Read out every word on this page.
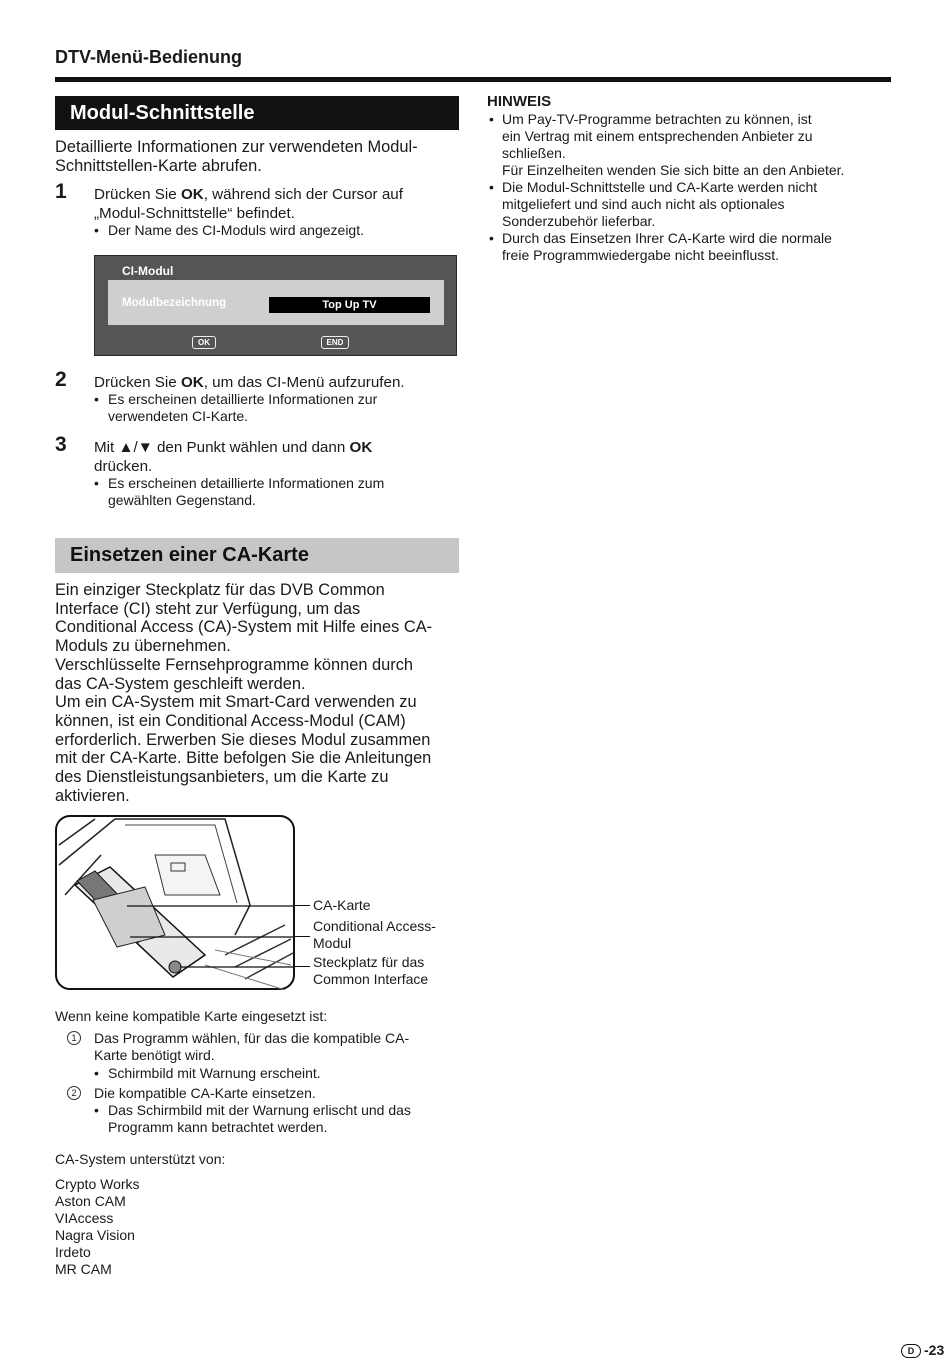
DTV-Menü-Bedienung
Modul-Schnittstelle
Detaillierte Informationen zur verwendeten Modul-
Schnittstellen-Karte abrufen.
1 Drücken Sie OK, während sich der Cursor auf
„Modul-Schnittstelle“ befindet.
• Der Name des CI-Moduls wird angezeigt.
CI-Modul
Modulbezeichnung	Top Up TV
OK	END
2 Drücken Sie OK, um das CI-Menü aufzurufen.
• Es erscheinen detaillierte Informationen zur
verwendeten CI-Karte.
3 Mit ▲/▼ den Punkt wählen und dann OK
drücken.
• Es erscheinen detaillierte Informationen zum
gewählten Gegenstand.
Einsetzen einer CA-Karte
Ein einziger Steckplatz für das DVB Common
Interface (CI) steht zur Verfügung, um das
Conditional Access (CA)-System mit Hilfe eines CA-
Moduls zu übernehmen.
Verschlüsselte Fernsehprogramme können durch
das CA-System geschleift werden.
Um ein CA-System mit Smart-Card verwenden zu
können, ist ein Conditional Access-Modul (CAM)
erforderlich. Erwerben Sie dieses Modul zusammen
mit der CA-Karte. Bitte befolgen Sie die Anleitungen
des Dienstleistungsanbieters, um die Karte zu
aktivieren.
CA-Karte
Conditional Access-
Modul
Steckplatz für das
Common Interface
Wenn keine kompatible Karte eingesetzt ist:
1	Das Programm wählen, für das die kompatible CA-
Karte benötigt wird.
• Schirmbild mit Warnung erscheint.
2	Die kompatible CA-Karte einsetzen.
• Das Schirmbild mit der Warnung erlischt und das
Programm kann betrachtet werden.
CA-System unterstützt von:
Crypto Works
Aston CAM
VIAccess
Nagra Vision
Irdeto
MR CAM
HINWEIS
• Um Pay-TV-Programme betrachten zu können, ist
ein Vertrag mit einem entsprechenden Anbieter zu
schließen.
Für Einzelheiten wenden Sie sich bitte an den Anbieter.
• Die Modul-Schnittstelle und CA-Karte werden nicht
mitgeliefert und sind auch nicht als optionales
Sonderzubehör lieferbar.
• Durch das Einsetzen Ihrer CA-Karte wird die normale
freie Programmwiedergabe nicht beeinflusst.
D -23
